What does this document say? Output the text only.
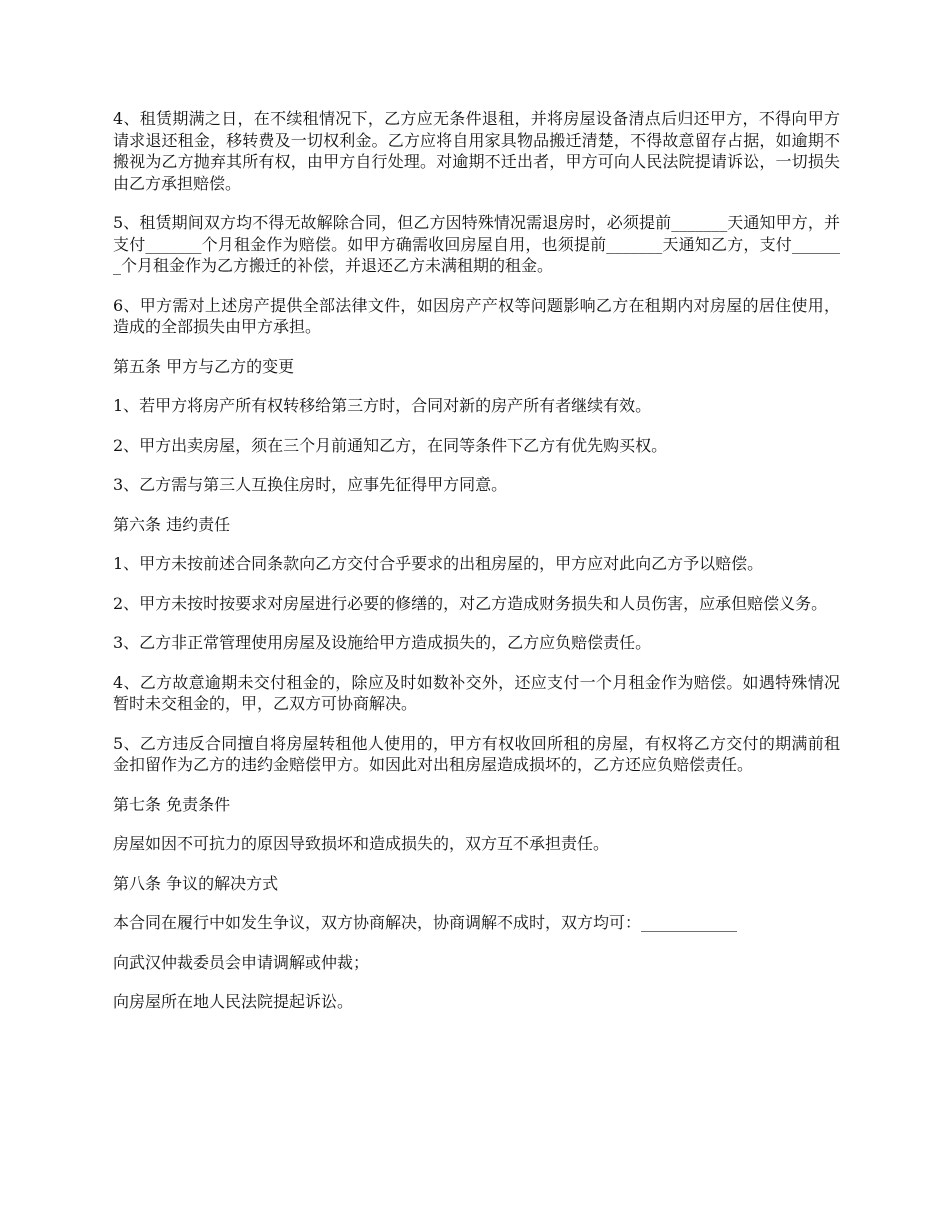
4、租赁期满之日，在不续租情况下，乙方应无条件退租，并将房屋设备清点后归还甲方，不得向甲方请求退还租金，移转费及一切权利金。乙方应将自用家具物品搬迁清楚，不得故意留存占据，如逾期不搬视为乙方抛弃其所有权，由甲方自行处理。对逾期不迁出者，甲方可向人民法院提请诉讼，一切损失由乙方承担赔偿。

5、租赁期间双方均不得无故解除合同，但乙方因特殊情况需退房时，必须提前_______天通知甲方，并支付_______个月租金作为赔偿。如甲方确需收回房屋自用，也须提前_______天通知乙方，支付_______个月租金作为乙方搬迁的补偿，并退还乙方未满租期的租金。

6、甲方需对上述房产提供全部法律文件，如因房产产权等问题影响乙方在租期内对房屋的居住使用，造成的全部损失由甲方承担。

第五条 甲方与乙方的变更

1、若甲方将房产所有权转移给第三方时，合同对新的房产所有者继续有效。

2、甲方出卖房屋，须在三个月前通知乙方，在同等条件下乙方有优先购买权。

3、乙方需与第三人互换住房时，应事先征得甲方同意。

第六条 违约责任

1、甲方未按前述合同条款向乙方交付合乎要求的出租房屋的，甲方应对此向乙方予以赔偿。

2、甲方未按时按要求对房屋进行必要的修缮的，对乙方造成财务损失和人员伤害，应承但赔偿义务。

3、乙方非正常管理使用房屋及设施给甲方造成损失的，乙方应负赔偿责任。

4、乙方故意逾期未交付租金的，除应及时如数补交外，还应支付一个月租金作为赔偿。如遇特殊情况暂时未交租金的，甲，乙双方可协商解决。

5、乙方违反合同擅自将房屋转租他人使用的，甲方有权收回所租的房屋，有权将乙方交付的期满前租金扣留作为乙方的违约金赔偿甲方。如因此对出租房屋造成损坏的，乙方还应负赔偿责任。

第七条 免责条件

房屋如因不可抗力的原因导致损坏和造成损失的，双方互不承担责任。

第八条 争议的解决方式

本合同在履行中如发生争议，双方协商解决，协商调解不成时，双方均可：____________

向武汉仲裁委员会申请调解或仲裁；

向房屋所在地人民法院提起诉讼。
